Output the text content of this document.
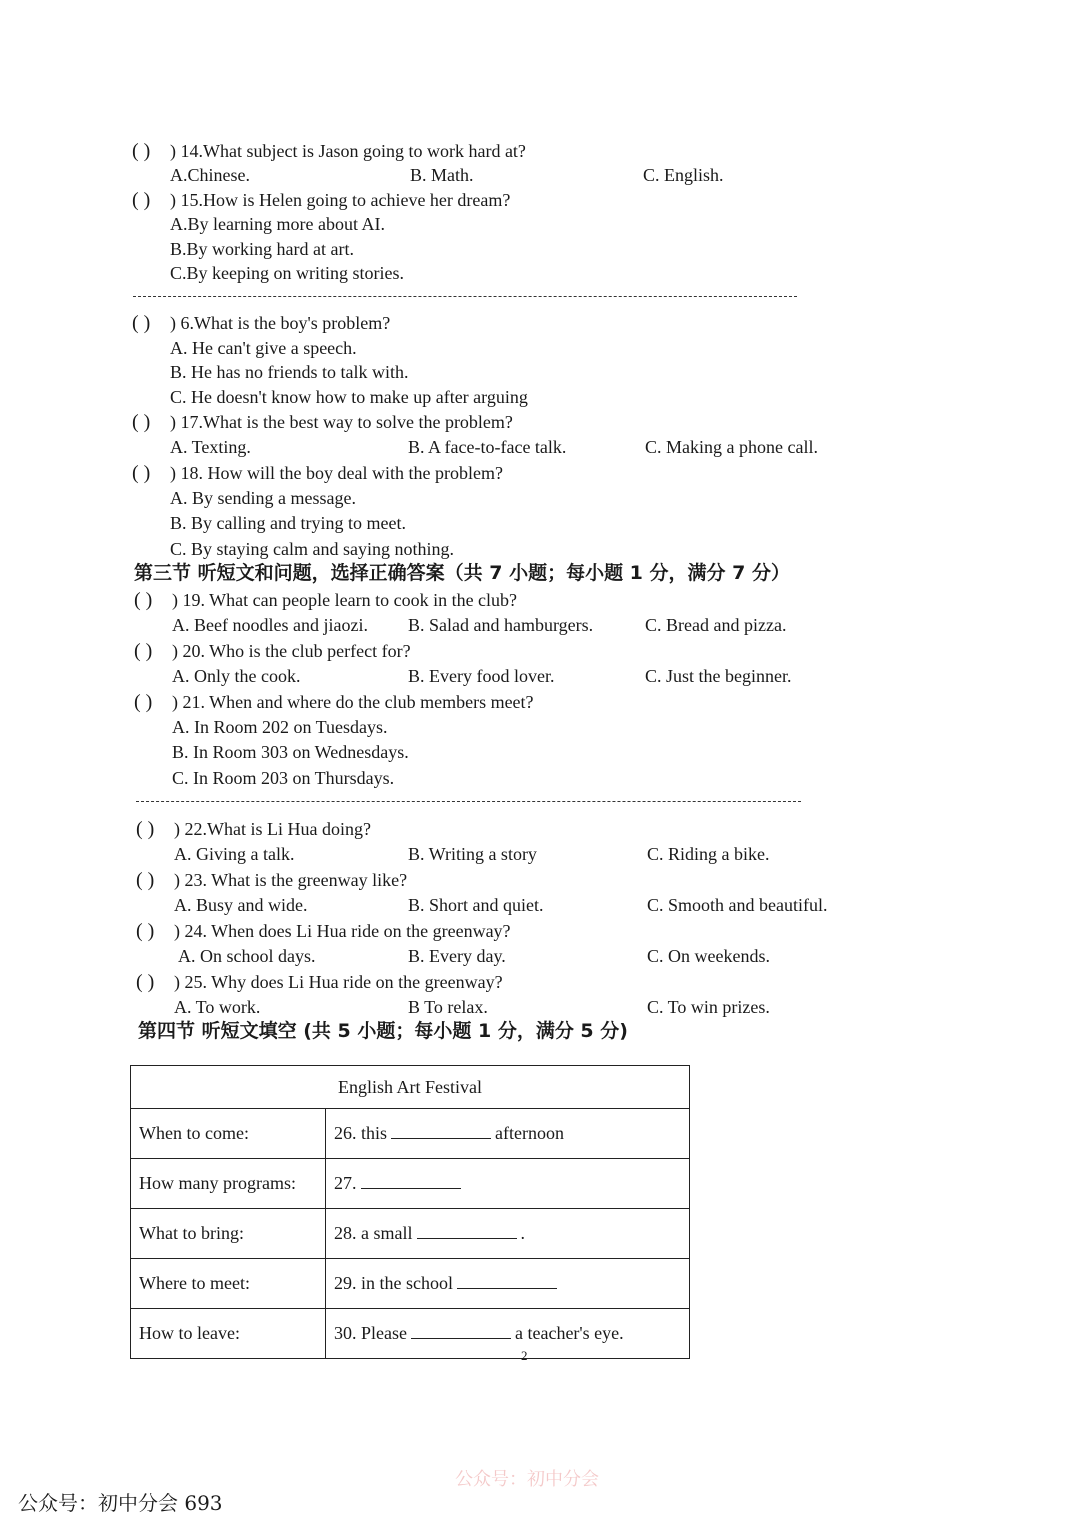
( ) ) 14.What subject is Jason going to work hard at?
A.Chinese.	B. Math.	C. English.
( ) ) 15.How is Helen going to achieve her dream?
A.By learning more about AI.
B.By working hard at art.
C.By keeping on writing stories.
( ) ) 6.What is the boy's problem?
A. He can't give a speech.
B. He has no friends to talk with.
C. He doesn't know how to make up after arguing
( ) ) 17.What is the best way to solve the problem?
A. Texting.	B. A face-to-face talk.	C. Making a phone call.
( ) ) 18. How will the boy deal with the problem?
A. By sending a message.
B. By calling and trying to meet.
C. By staying calm and saying nothing.
第三节 听短文和问题，选择正确答案（共 7 小题；每小题 1 分，满分 7 分）
( ) ) 19. What can people learn to cook in the club?
A. Beef noodles and jiaozi. B. Salad and hamburgers.	C. Bread and pizza.
( ) ) 20. Who is the club perfect for?
A. Only the cook.	B. Every food lover.	C. Just the beginner.
( ) ) 21. When and where do the club members meet?
A. In Room 202 on Tuesdays.
B. In Room 303 on Wednesdays.
C. In Room 203 on Thursdays.
( ) ) 22.What is Li Hua doing?
A. Giving a talk.	B. Writing a story	C. Riding a bike.
( ) ) 23. What is the greenway like?
A. Busy and wide.	B. Short and quiet.	C. Smooth and beautiful.
( ) ) 24. When does Li Hua ride on the greenway?
A. On school days.	B. Every day.	C. On weekends.
( ) ) 25. Why does Li Hua ride on the greenway?
A. To work.	B To relax.	C. To win prizes.
第四节 听短文填空 (共 5 小题；每小题 1 分，满分 5 分)
English Art Festival	
When to come:	26. this afternoon
How many programs:	27.
What to bring:	28. a small .
Where to meet:	29. in the school
How to leave:	30. Please a teacher's eye.
2
公众号：初中分会
公众号：初中分会 693
